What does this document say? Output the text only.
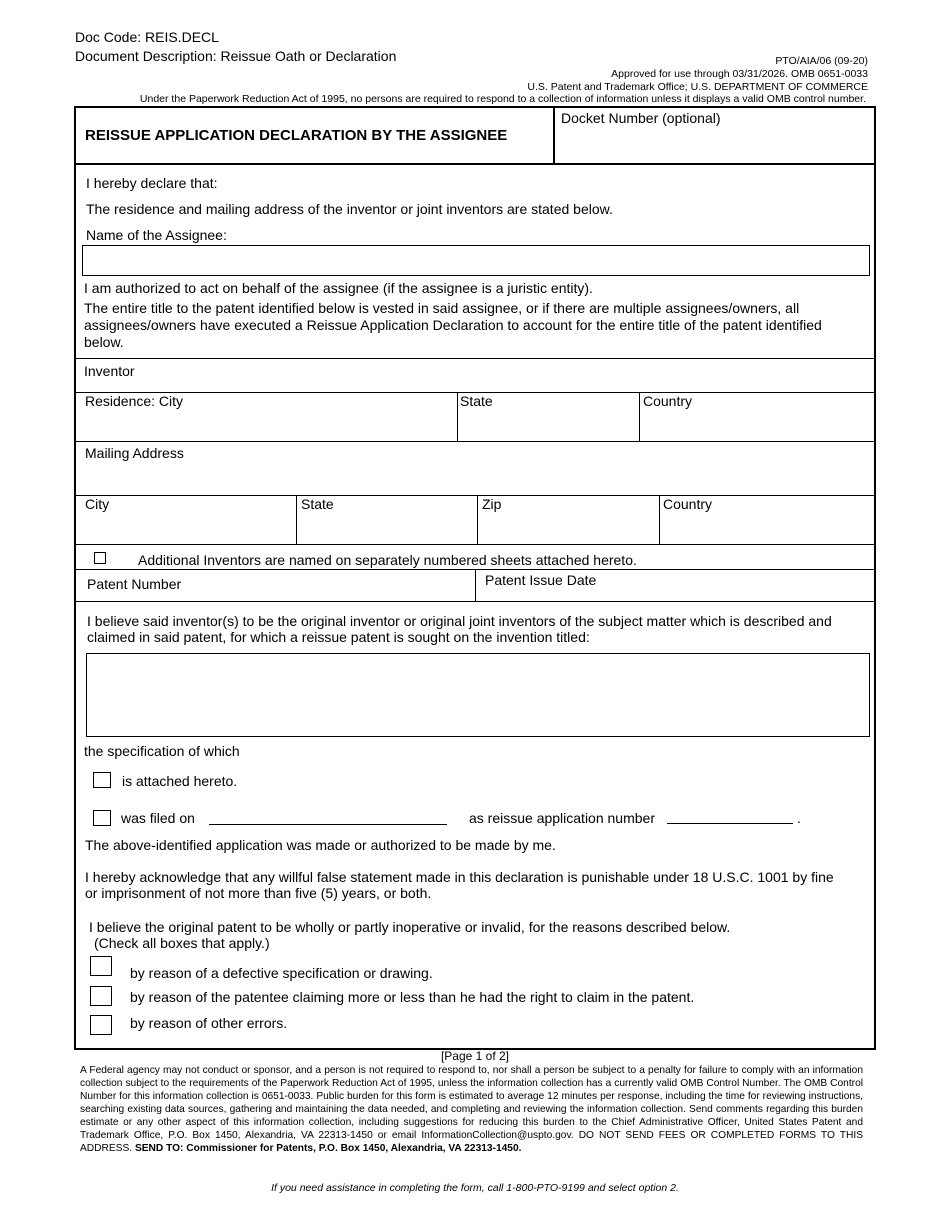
Doc Code: REIS.DECL
Document Description: Reissue Oath or Declaration	PTO/AIA/06 (09-20)
Approved for use through 03/31/2026. OMB 0651-0033
U.S. Patent and Trademark Office; U.S. DEPARTMENT OF COMMERCE
Under the Paperwork Reduction Act of 1995, no persons are required to respond to a collection of information unless it displays a valid OMB control number.
REISSUE APPLICATION DECLARATION BY THE ASSIGNEE
Docket Number (optional)
I hereby declare that:
The residence and mailing address of the inventor or joint inventors are stated below.
Name of the Assignee:
I am authorized to act on behalf of the assignee (if the assignee is a juristic entity).
The entire title to the patent identified below is vested in said assignee, or if there are multiple assignees/owners, all assignees/owners have executed a Reissue Application Declaration to account for the entire title of the patent identified below.
Inventor
Residence: City	State	Country
Mailing Address
City	State	Zip	Country
Additional Inventors are named on separately numbered sheets attached hereto.
Patent Number	Patent Issue Date
I believe said inventor(s) to be the original inventor or original joint inventors of the subject matter which is described and claimed in said patent, for which a reissue patent is sought on the invention titled:
the specification of which
is attached hereto.
was filed on	as reissue application number	.
The above-identified application was made or authorized to be made by me.
I hereby acknowledge that any willful false statement made in this declaration is punishable under 18 U.S.C. 1001 by fine or imprisonment of not more than five (5) years, or both.
I believe the original patent to be wholly or partly inoperative or invalid, for the reasons described below.
(Check all boxes that apply.)
by reason of a defective specification or drawing.
by reason of the patentee claiming more or less than he had the right to claim in the patent.
by reason of other errors.
[Page 1 of 2]
A Federal agency may not conduct or sponsor, and a person is not required to respond to, nor shall a person be subject to a penalty for failure to comply with an information collection subject to the requirements of the Paperwork Reduction Act of 1995, unless the information collection has a currently valid OMB Control Number. The OMB Control Number for this information collection is 0651-0033. Public burden for this form is estimated to average 12 minutes per response, including the time for reviewing instructions, searching existing data sources, gathering and maintaining the data needed, and completing and reviewing the information collection. Send comments regarding this burden estimate or any other aspect of this information collection, including suggestions for reducing this burden to the Chief Administrative Officer, United States Patent and Trademark Office, P.O. Box 1450, Alexandria, VA 22313-1450 or email InformationCollection@uspto.gov. DO NOT SEND FEES OR COMPLETED FORMS TO THIS ADDRESS. SEND TO: Commissioner for Patents, P.O. Box 1450, Alexandria, VA 22313-1450.
If you need assistance in completing the form, call 1-800-PTO-9199 and select option 2.
